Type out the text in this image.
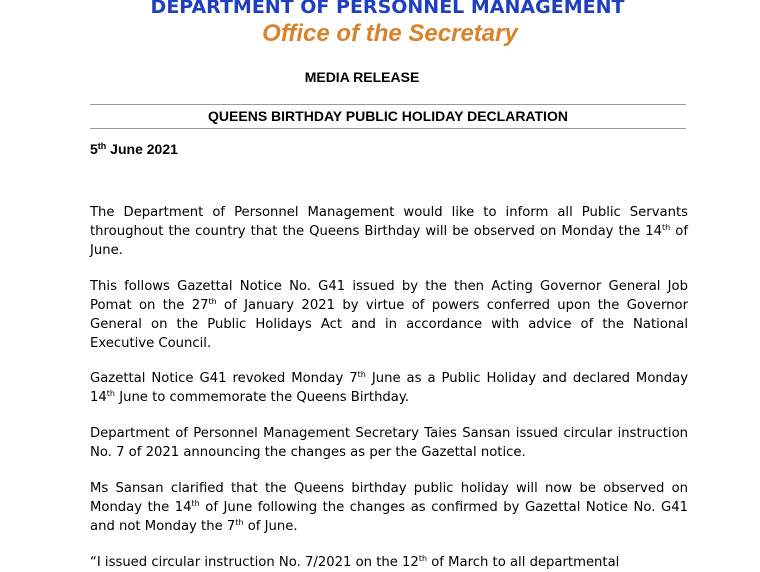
DEPARTMENT OF PERSONNEL MANAGEMENT
Office of the Secretary
MEDIA RELEASE
QUEENS BIRTHDAY PUBLIC HOLIDAY DECLARATION
5th June 2021

The Department of Personnel Management would like to inform all Public Servants throughout the country that the Queens Birthday will be observed on Monday the 14th of June.

This follows Gazettal Notice No. G41 issued by the then Acting Governor General Job Pomat on the 27th of January 2021 by virtue of powers conferred upon the Governor General on the Public Holidays Act and in accordance with advice of the National Executive Council.

Gazettal Notice G41 revoked Monday 7th June as a Public Holiday and declared Monday 14th June to commemorate the Queens Birthday.

Department of Personnel Management Secretary Taies Sansan issued circular instruction No. 7 of 2021 announcing the changes as per the Gazettal notice.

Ms Sansan clarified that the Queens birthday public holiday will now be observed on Monday the 14th of June following the changes as confirmed by Gazettal Notice No. G41 and not Monday the 7th of June.

“I issued circular instruction No. 7/2021 on the 12th of March to all departmental
